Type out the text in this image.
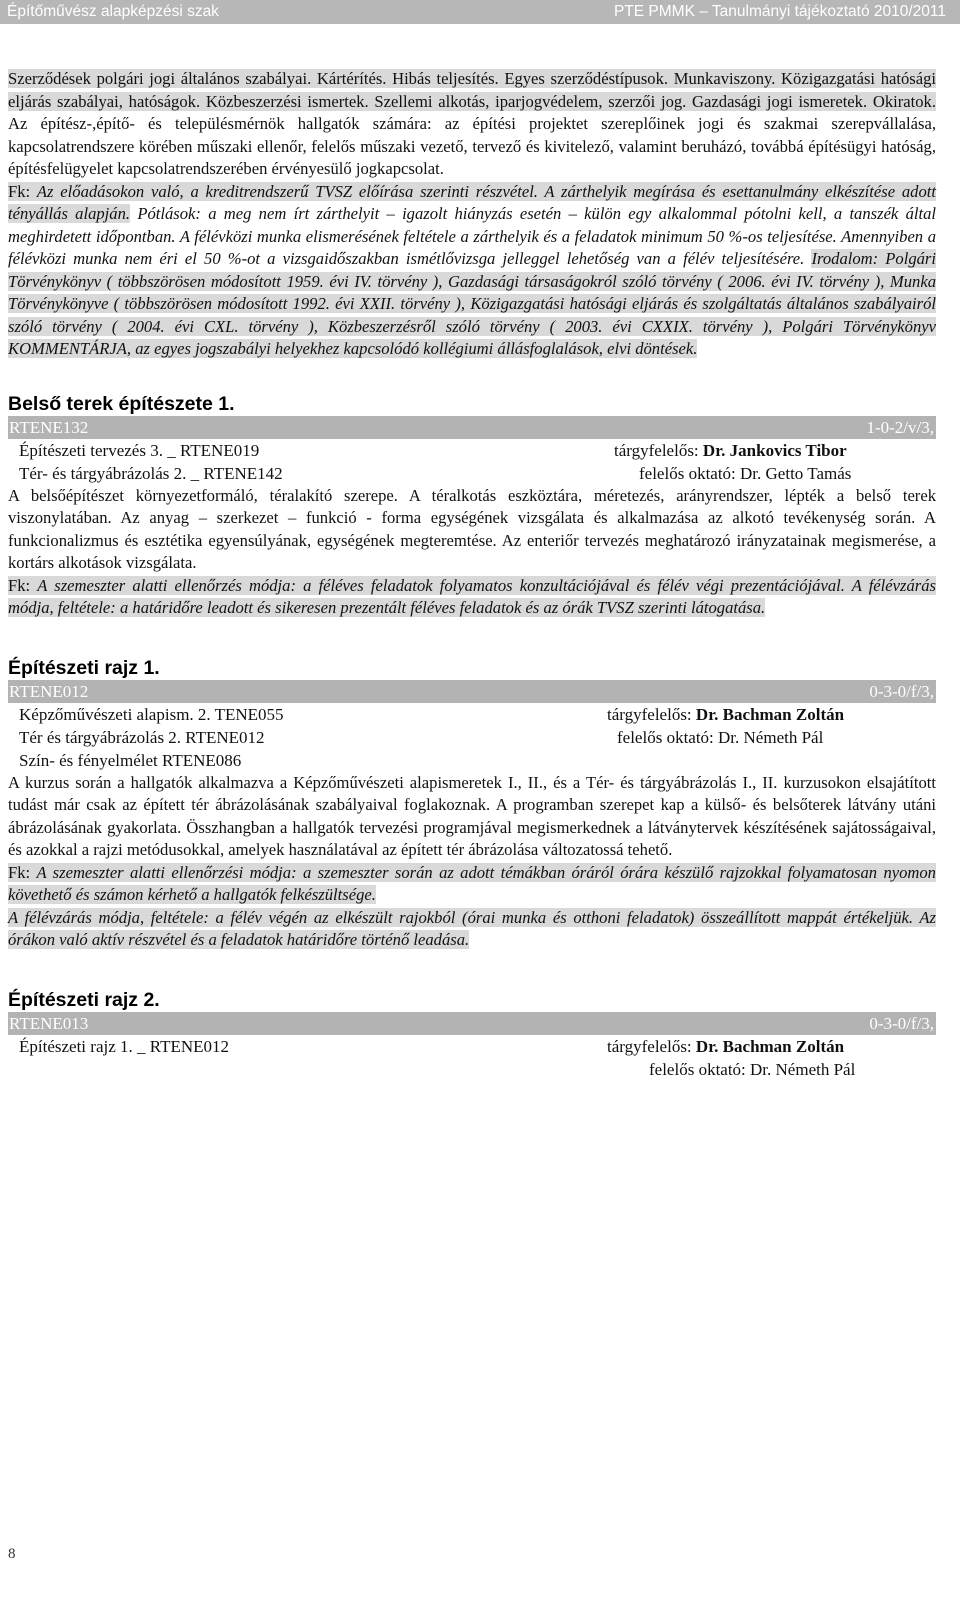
Építőművész alapképzési szak	PTE PMMK – Tanulmányi tájékoztató 2010/2011

Szerződések polgári jogi általános szabályai. Kártérítés. Hibás teljesítés. Egyes szerződéstípusok. Munkaviszony. Közigazgatási hatósági eljárás szabályai, hatóságok. Közbeszerzési ismertek. Szellemi alkotás, iparjogvédelem, szerzői jog. Gazdasági jogi ismeretek. Okiratok. Az építész-,építő- és településmérnök hallgatók számára: az építési projektet szereplőinek jogi és szakmai szerepvállalása, kapcsolatrendszere körében műszaki ellenőr, felelős műszaki vezető, tervező és kivitelező, valamint beruházó, továbbá építésügyi hatóság, építésfelügyelet kapcsolatrendszerében érvényesülő jogkapcsolat.

Fk: Az előadásokon való, a kreditrendszerű TVSZ előírása szerinti részvétel. A zárthelyik megírása és esettanulmány elkészítése adott tényállás alapján. Pótlások: a meg nem írt zárthelyit – igazolt hiányzás esetén – külön egy alkalommal pótolni kell, a tanszék által meghirdetett időpontban. A félévközi munka elismerésének feltétele a zárthelyik és a feladatok minimum 50 %-os teljesítése. Amennyiben a félévközi munka nem éri el 50 %-ot a vizsgaidőszakban ismétlővizsga jelleggel lehetőség van a félév teljesítésére. Irodalom: Polgári Törvénykönyv ( többszörösen módosított 1959. évi IV. törvény ), Gazdasági társaságokról szóló törvény ( 2006. évi IV. törvény ), Munka Törvénykönyve ( többszörösen módosított 1992. évi XXII. törvény ), Közigazgatási hatósági eljárás és szolgáltatás általános szabályairól szóló törvény ( 2004. évi CXL. törvény ), Közbeszerzésről szóló törvény ( 2003. évi CXXIX. törvény ), Polgári Törvénykönyv KOMMENTÁRJA, az egyes jogszabályi helyekhez kapcsolódó kollégiumi állásfoglalások, elvi döntések.

Belső terek építészete 1.
RTENE132	1-0-2/v/3,
Építészeti tervezés 3. _ RTENE019	tárgyfelelős: Dr. Jankovics Tibor
Tér- és tárgyábrázolás 2. _ RTENE142	felelős oktató: Dr. Getto Tamás

A belsőépítészet környezetformáló, téralakító szerepe. A téralkotás eszköztára, méretezés, arányrendszer, lépték a belső terek viszonylatában. Az anyag – szerkezet – funkció - forma egységének vizsgálata és alkalmazása az alkotó tevékenység során. A funkcionalizmus és esztétika egyensúlyának, egységének megteremtése. Az enteriőr tervezés meghatározó irányzatainak megismerése, a kortárs alkotások vizsgálata.

Fk: A szemeszter alatti ellenőrzés módja: a féléves feladatok folyamatos konzultációjával és félév végi prezentációjával. A félévzárás módja, feltétele: a határidőre leadott és sikeresen prezentált féléves feladatok és az órák TVSZ szerinti látogatása.

Építészeti rajz 1.
RTENE012	0-3-0/f/3,
Képzőművészeti alapism. 2. TENE055	tárgyfelelős: Dr. Bachman Zoltán
Tér és tárgyábrázolás 2. RTENE012	felelős oktató: Dr. Németh Pál
Szín- és fényelmélet RTENE086

A kurzus során a hallgatók alkalmazva a Képzőművészeti alapismeretek I., II., és a Tér- és tárgyábrázolás I., II. kurzusokon elsajátított tudást már csak az épített tér ábrázolásának szabályaival foglakoznak. A programban szerepet kap a külső- és belsőterek látvány utáni ábrázolásának gyakorlata. Összhangban a hallgatók tervezési programjával megismerkednek a látványtervek készítésének sajátosságaival, és azokkal a rajzi metódusokkal, amelyek használatával az épített tér ábrázolása változatossá tehető.

Fk: A szemeszter alatti ellenőrzési módja: a szemeszter során az adott témákban óráról órára készülő rajzokkal folyamatosan nyomon követhető és számon kérhető a hallgatók felkészültsége.

A félévzárás módja, feltétele: a félév végén az elkészült rajokból (órai munka és otthoni feladatok) összeállított mappát értékeljük. Az órákon való aktív részvétel és a feladatok határidőre történő leadása.

Építészeti rajz 2.
RTENE013	0-3-0/f/3,
Építészeti rajz 1. _ RTENE012	tárgyfelelős: Dr. Bachman Zoltán
felelős oktató: Dr. Németh Pál
8
